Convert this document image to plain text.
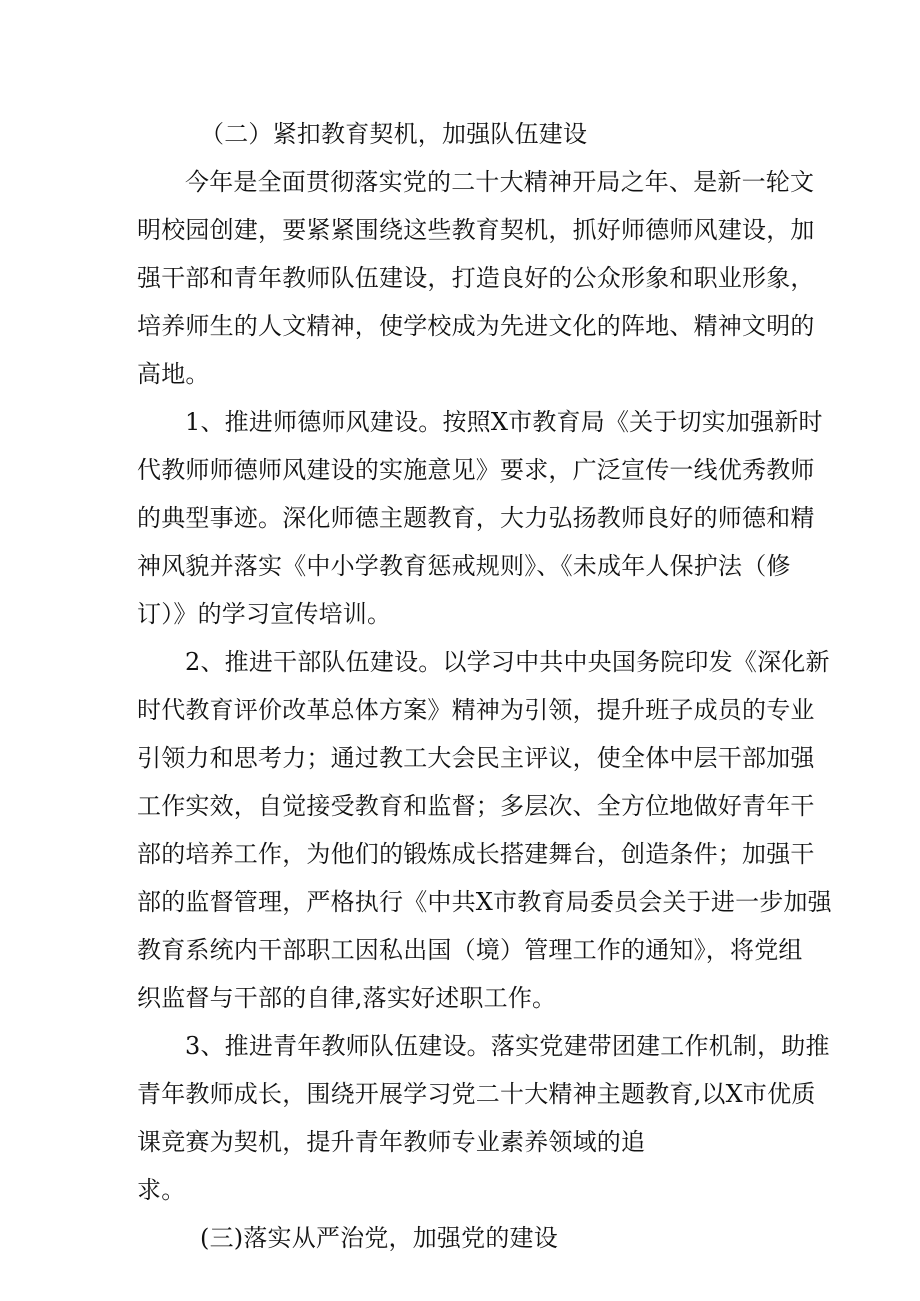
（二）紧扣教育契机，加强队伍建设
今年是全面贯彻落实党的二十大精神开局之年、是新一轮文
明校园创建，要紧紧围绕这些教育契机，抓好师德师风建设，加
强干部和青年教师队伍建设，打造良好的公众形象和职业形象，
培养师生的人文精神，使学校成为先进文化的阵地、精神文明的
高地。
1、推进师德师风建设。按照X市教育局《关于切实加强新时
代教师师德师风建设的实施意见》要求，广泛宣传一线优秀教师
的典型事迹。深化师德主题教育，大力弘扬教师良好的师德和精
神风貌并落实《中小学教育惩戒规则》、《未成年人保护法（修
订）》的学习宣传培训。
2、推进干部队伍建设。以学习中共中央国务院印发《深化新
时代教育评价改革总体方案》精神为引领，提升班子成员的专业
引领力和思考力；通过教工大会民主评议，使全体中层干部加强
工作实效，自觉接受教育和监督；多层次、全方位地做好青年干
部的培养工作，为他们的锻炼成长搭建舞台，创造条件；加强干
部的监督管理，严格执行《中共X市教育局委员会关于进一步加强
教育系统内干部职工因私出国（境）管理工作的通知》，将党组
织监督与干部的自律,落实好述职工作。
3、推进青年教师队伍建设。落实党建带团建工作机制，助推
青年教师成长，围绕开展学习党二十大精神主题教育,以X市优质
课竞赛为契机，提升青年教师专业素养领域的追
求。
(三)落实从严治党，加强党的建设
